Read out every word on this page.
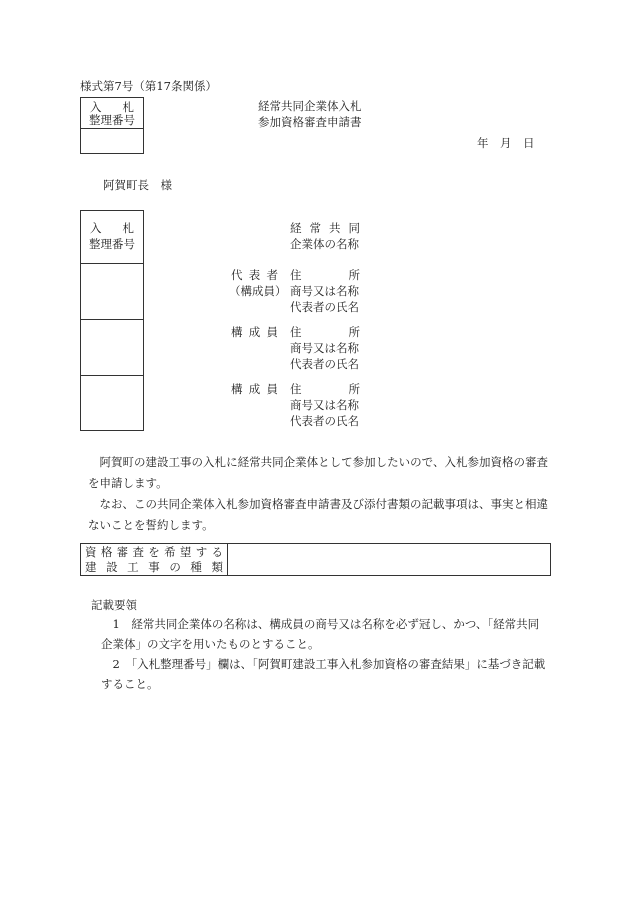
様式第7号（第17条関係）
入 札
整理番号
経常共同企業体入札
参加資格審査申請書
年 月 日
阿賀町長　様
入 札
整理番号
経 常 共 同
企業体の名称
代 表 者
（構成員）
住	所
商号又は名称
代表者の氏名
構 成 員 住	所
商号又は名称
代表者の氏名
構 成 員 住	所
商号又は名称
代表者の氏名

阿賀町の建設工事の入札に経常共同企業体として参加したいので、入札参加資格の審査を申請します。

なお、この共同企業体入札参加資格審査申請書及び添付書類の記載事項は、事実と相違ないことを誓約します。

資 格 審 査 を 希 望 す る
建 設 工 事 の 種 類
記載要領
1　経常共同企業体の名称は、構成員の商号又は名称を必ず冠し、かつ、「経常共同企業体」の文字を用いたものとすること。
2　「入札整理番号」欄は、「阿賀町建設工事入札参加資格の審査結果」に基づき記載すること。
